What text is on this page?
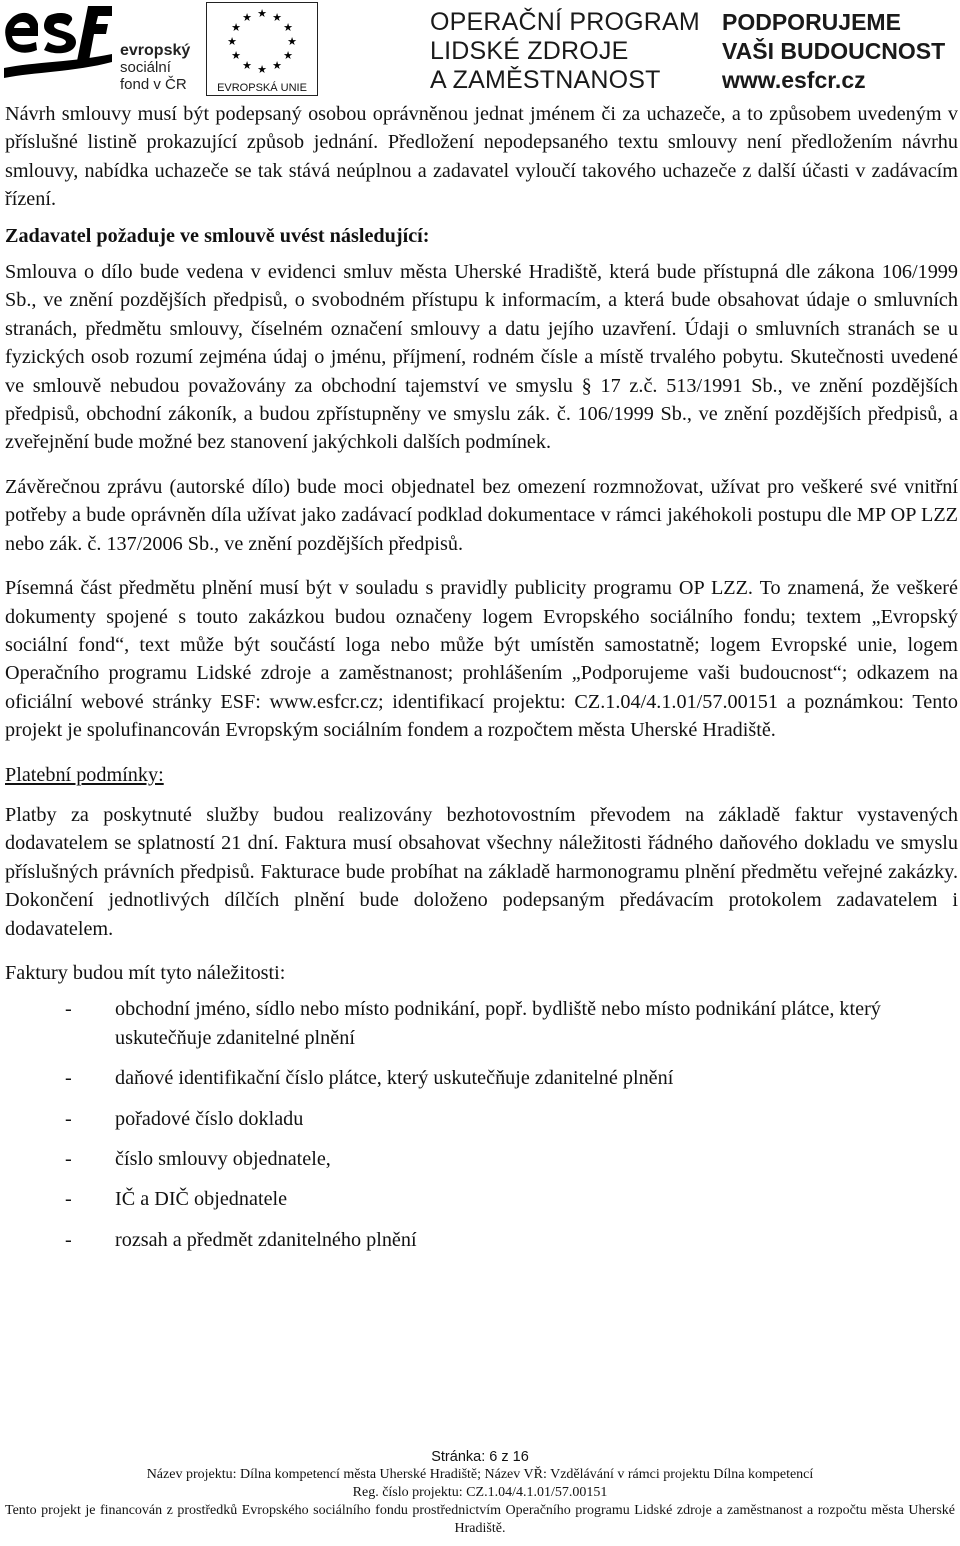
evropský
sociální
fond v ČR
★ ★
★
★
★
★
★
★
★
★
★
★
EVROPSKÁ UNIE
OPERAČNÍ PROGRAM
LIDSKÉ ZDROJE
A ZAMĚSTNANOST
PODPORUJEME
VAŠI BUDOUCNOST
www.esfcr.cz

Návrh smlouvy musí být podepsaný osobou oprávněnou jednat jménem či za uchazeče, a to způsobem uvedeným v příslušné listině prokazující způsob jednání. Předložení nepodepsaného textu smlouvy není předložením návrhu smlouvy, nabídka uchazeče se tak stává neúplnou a zadavatel vyloučí takového uchazeče z další účasti v zadávacím řízení.

Zadavatel požaduje ve smlouvě uvést následující:

Smlouva o dílo bude vedena v evidenci smluv města Uherské Hradiště, která bude přístupná dle zákona 106/1999 Sb., ve znění pozdějších předpisů, o svobodném přístupu k informacím, a která bude obsahovat údaje o smluvních stranách, předmětu smlouvy, číselném označení smlouvy a datu jejího uzavření. Údaji o smluvních stranách se u fyzických osob rozumí zejména údaj o jménu, příjmení, rodném čísle a místě trvalého pobytu. Skutečnosti uvedené ve smlouvě nebudou považovány za obchodní tajemství ve smyslu § 17 z.č. 513/1991 Sb., ve znění pozdějších předpisů, obchodní zákoník, a budou zpřístupněny ve smyslu zák. č. 106/1999 Sb., ve znění pozdějších předpisů, a zveřejnění bude možné bez stanovení jakýchkoli dalších podmínek.

Závěrečnou zprávu (autorské dílo) bude moci objednatel bez omezení rozmnožovat, užívat pro veškeré své vnitřní potřeby a bude oprávněn díla užívat jako zadávací podklad dokumentace v rámci jakéhokoli postupu dle MP OP LZZ nebo zák. č. 137/2006 Sb., ve znění pozdějších předpisů.

Písemná část předmětu plnění musí být v souladu s pravidly publicity programu OP LZZ. To znamená, že veškeré dokumenty spojené s touto zakázkou budou označeny logem Evropského sociálního fondu; textem „Evropský sociální fond“, text může být součástí loga nebo může být umístěn samostatně; logem Evropské unie, logem Operačního programu Lidské zdroje a zaměstnanost; prohlášením „Podporujeme vaši budoucnost“; odkazem na oficiální webové stránky ESF: www.esfcr.cz; identifikací projektu: CZ.1.04/4.1.01/57.00151 a poznámkou: Tento projekt je spolufinancován Evropským sociálním fondem a rozpočtem města Uherské Hradiště.

Platební podmínky:

Platby za poskytnuté služby budou realizovány bezhotovostním převodem na základě faktur vystavených dodavatelem se splatností 21 dní. Faktura musí obsahovat všechny náležitosti řádného daňového dokladu ve smyslu příslušných právních předpisů. Fakturace bude probíhat na základě harmonogramu plnění předmětu veřejné zakázky. Dokončení jednotlivých dílčích plnění bude doloženo podepsaným předávacím protokolem zadavatelem i dodavatelem.

Faktury budou mít tyto náležitosti:

- obchodní jméno, sídlo nebo místo podnikání, popř. bydliště nebo místo podnikání plátce, který uskutečňuje zdanitelné plnění
- daňové identifikační číslo plátce, který uskutečňuje zdanitelné plnění
- pořadové číslo dokladu
- číslo smlouvy objednatele,
- IČ a DIČ objednatele
- rozsah a předmět zdanitelného plnění
Stránka: 6 z 16
Název projektu: Dílna kompetencí města Uherské Hradiště; Název VŘ: Vzdělávání v rámci projektu Dílna kompetencí
Reg. číslo projektu: CZ.1.04/4.1.01/57.00151
Tento projekt je financován z prostředků Evropského sociálního fondu prostřednictvím Operačního programu Lidské zdroje a zaměstnanost a rozpočtu města Uherské Hradiště.
